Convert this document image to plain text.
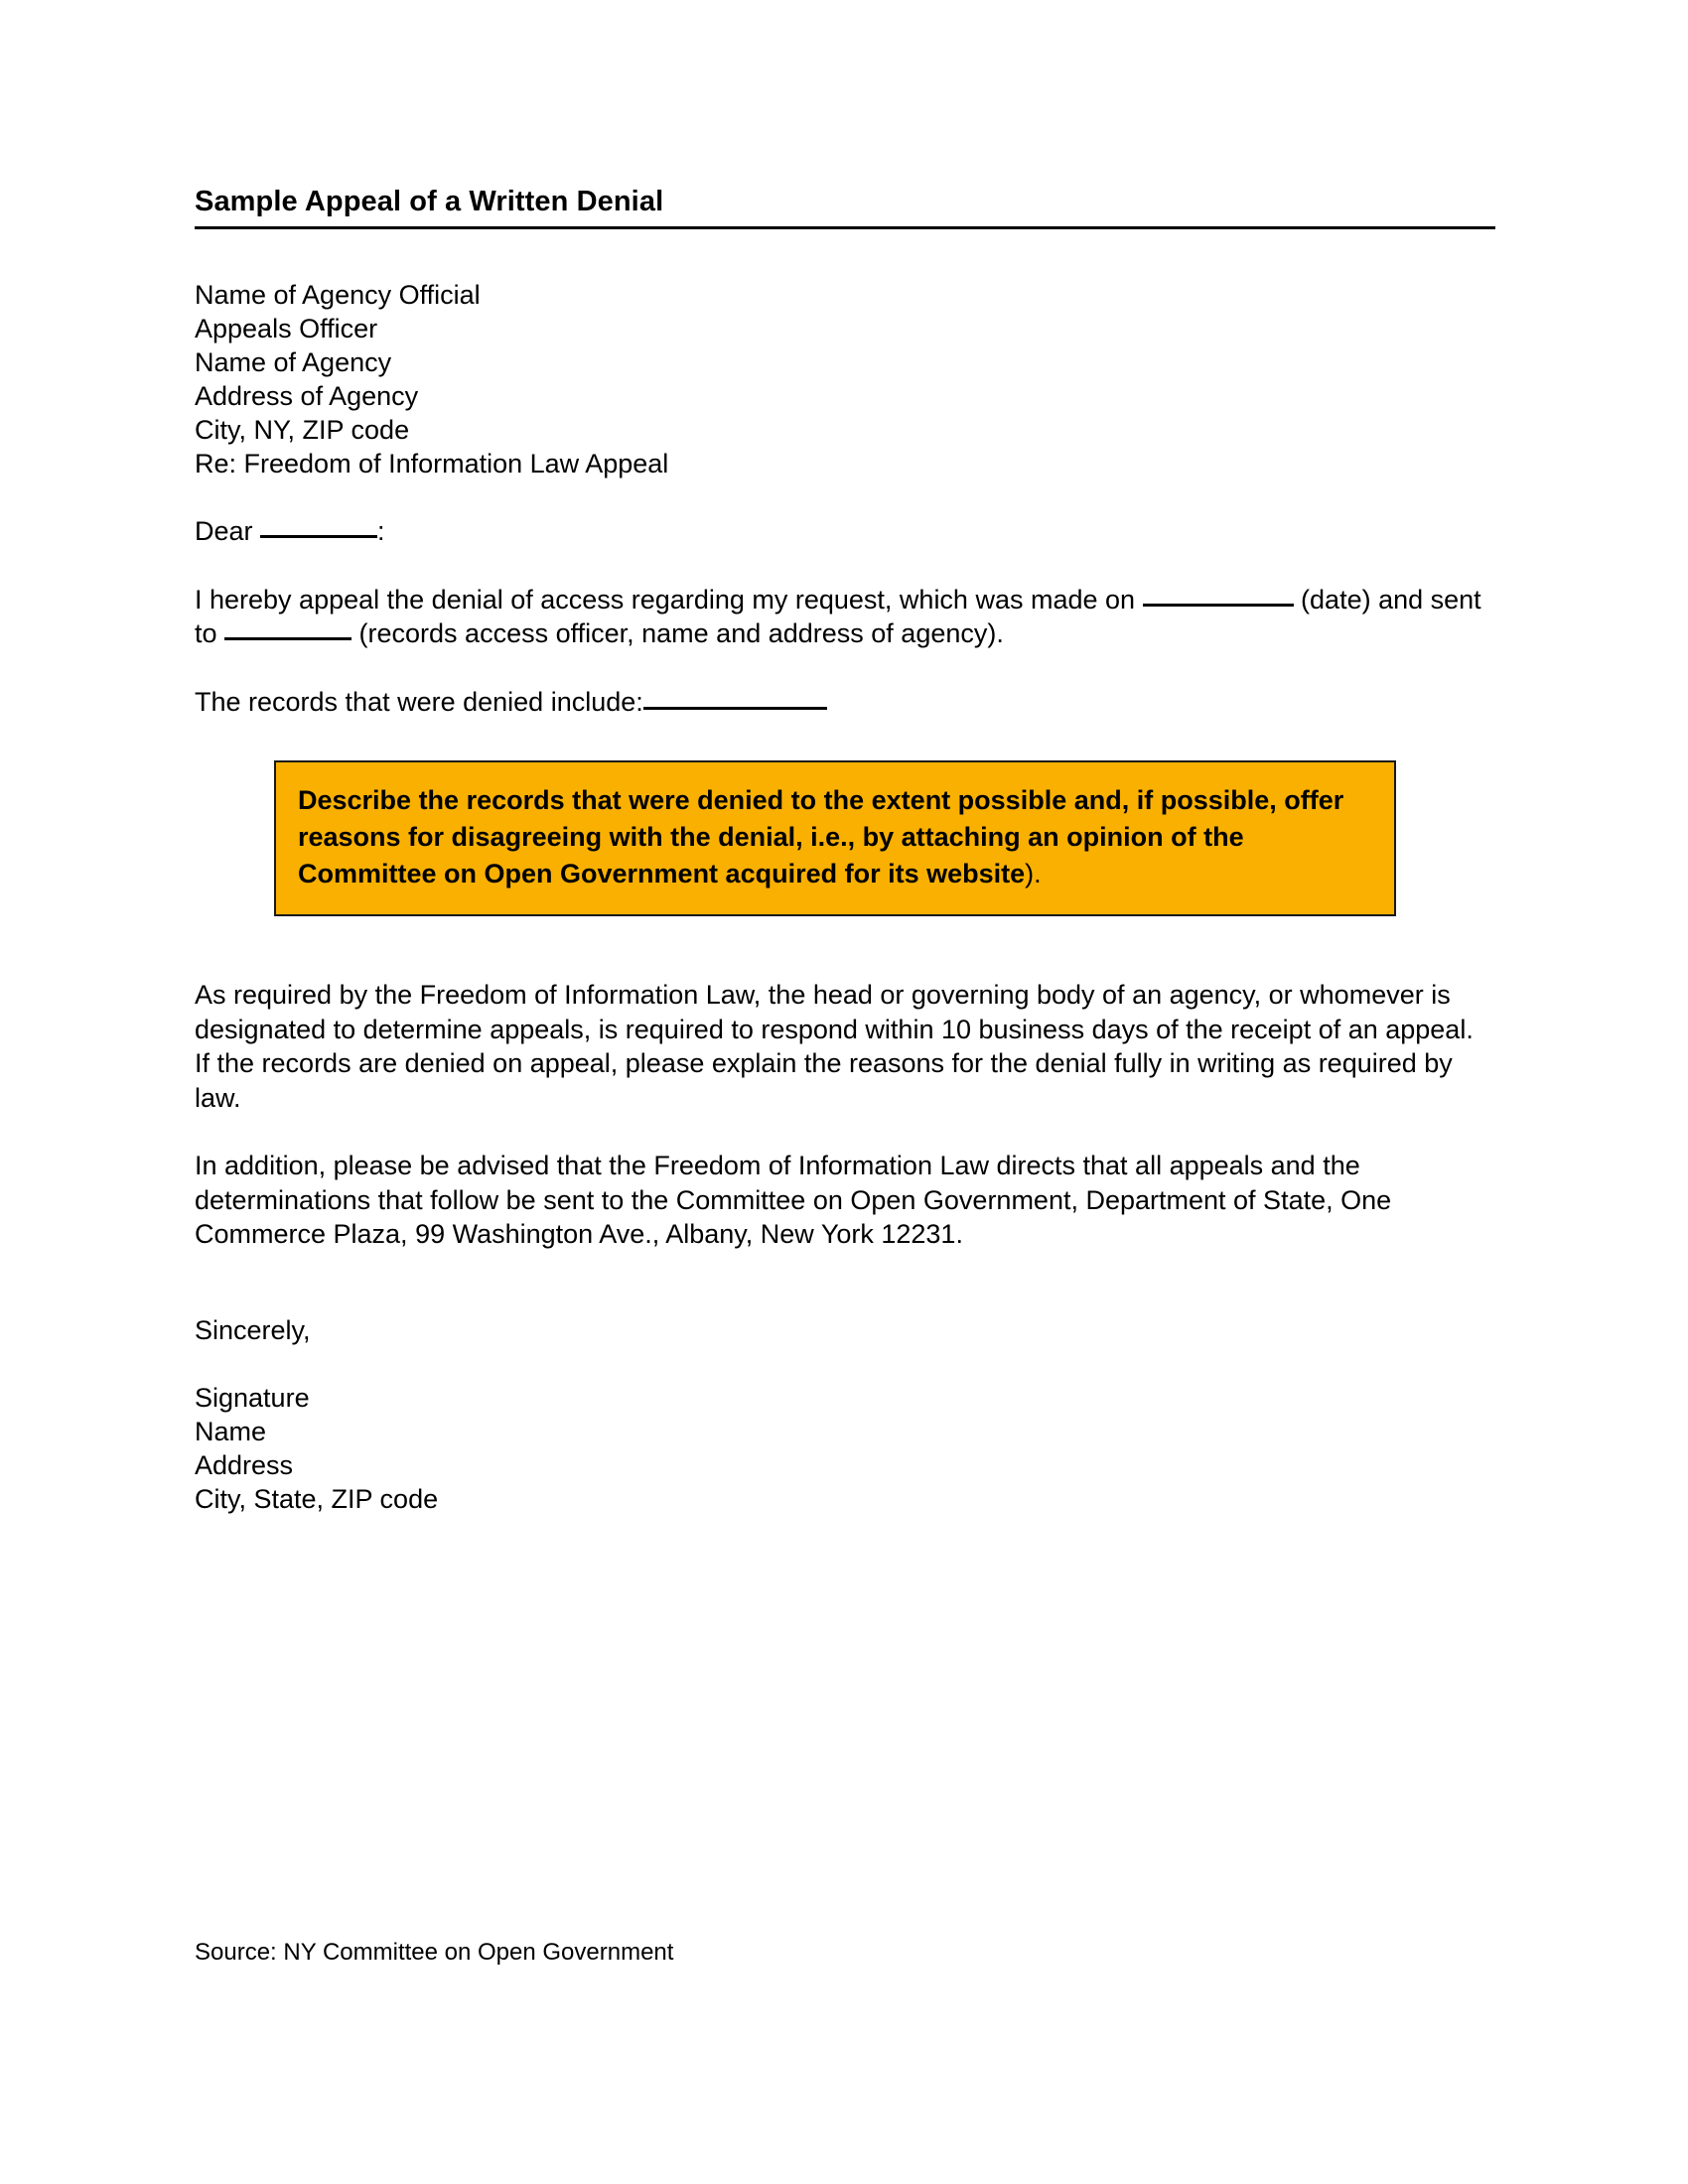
Sample Appeal of a Written Denial
Name of Agency Official
Appeals Officer
Name of Agency
Address of Agency
City, NY, ZIP code
Re: Freedom of Information Law Appeal
Dear	:
I hereby appeal the denial of access regarding my request, which was made on	(date) and sent to	(records access officer, name and address of agency).
The records that were denied include:
Describe the records that were denied to the extent possible and, if possible, offer reasons for disagreeing with the denial, i.e., by attaching an opinion of the Committee on Open Government acquired for its website).
As required by the Freedom of Information Law, the head or governing body of an agency, or whomever is designated to determine appeals, is required to respond within 10 business days of the receipt of an appeal. If the records are denied on appeal, please explain the reasons for the denial fully in writing as required by law.
In addition, please be advised that the Freedom of Information Law directs that all appeals and the determinations that follow be sent to the Committee on Open Government, Department of State, One Commerce Plaza, 99 Washington Ave., Albany, New York 12231.
Sincerely,
Signature
Name
Address
City, State, ZIP code
Source: NY Committee on Open Government
